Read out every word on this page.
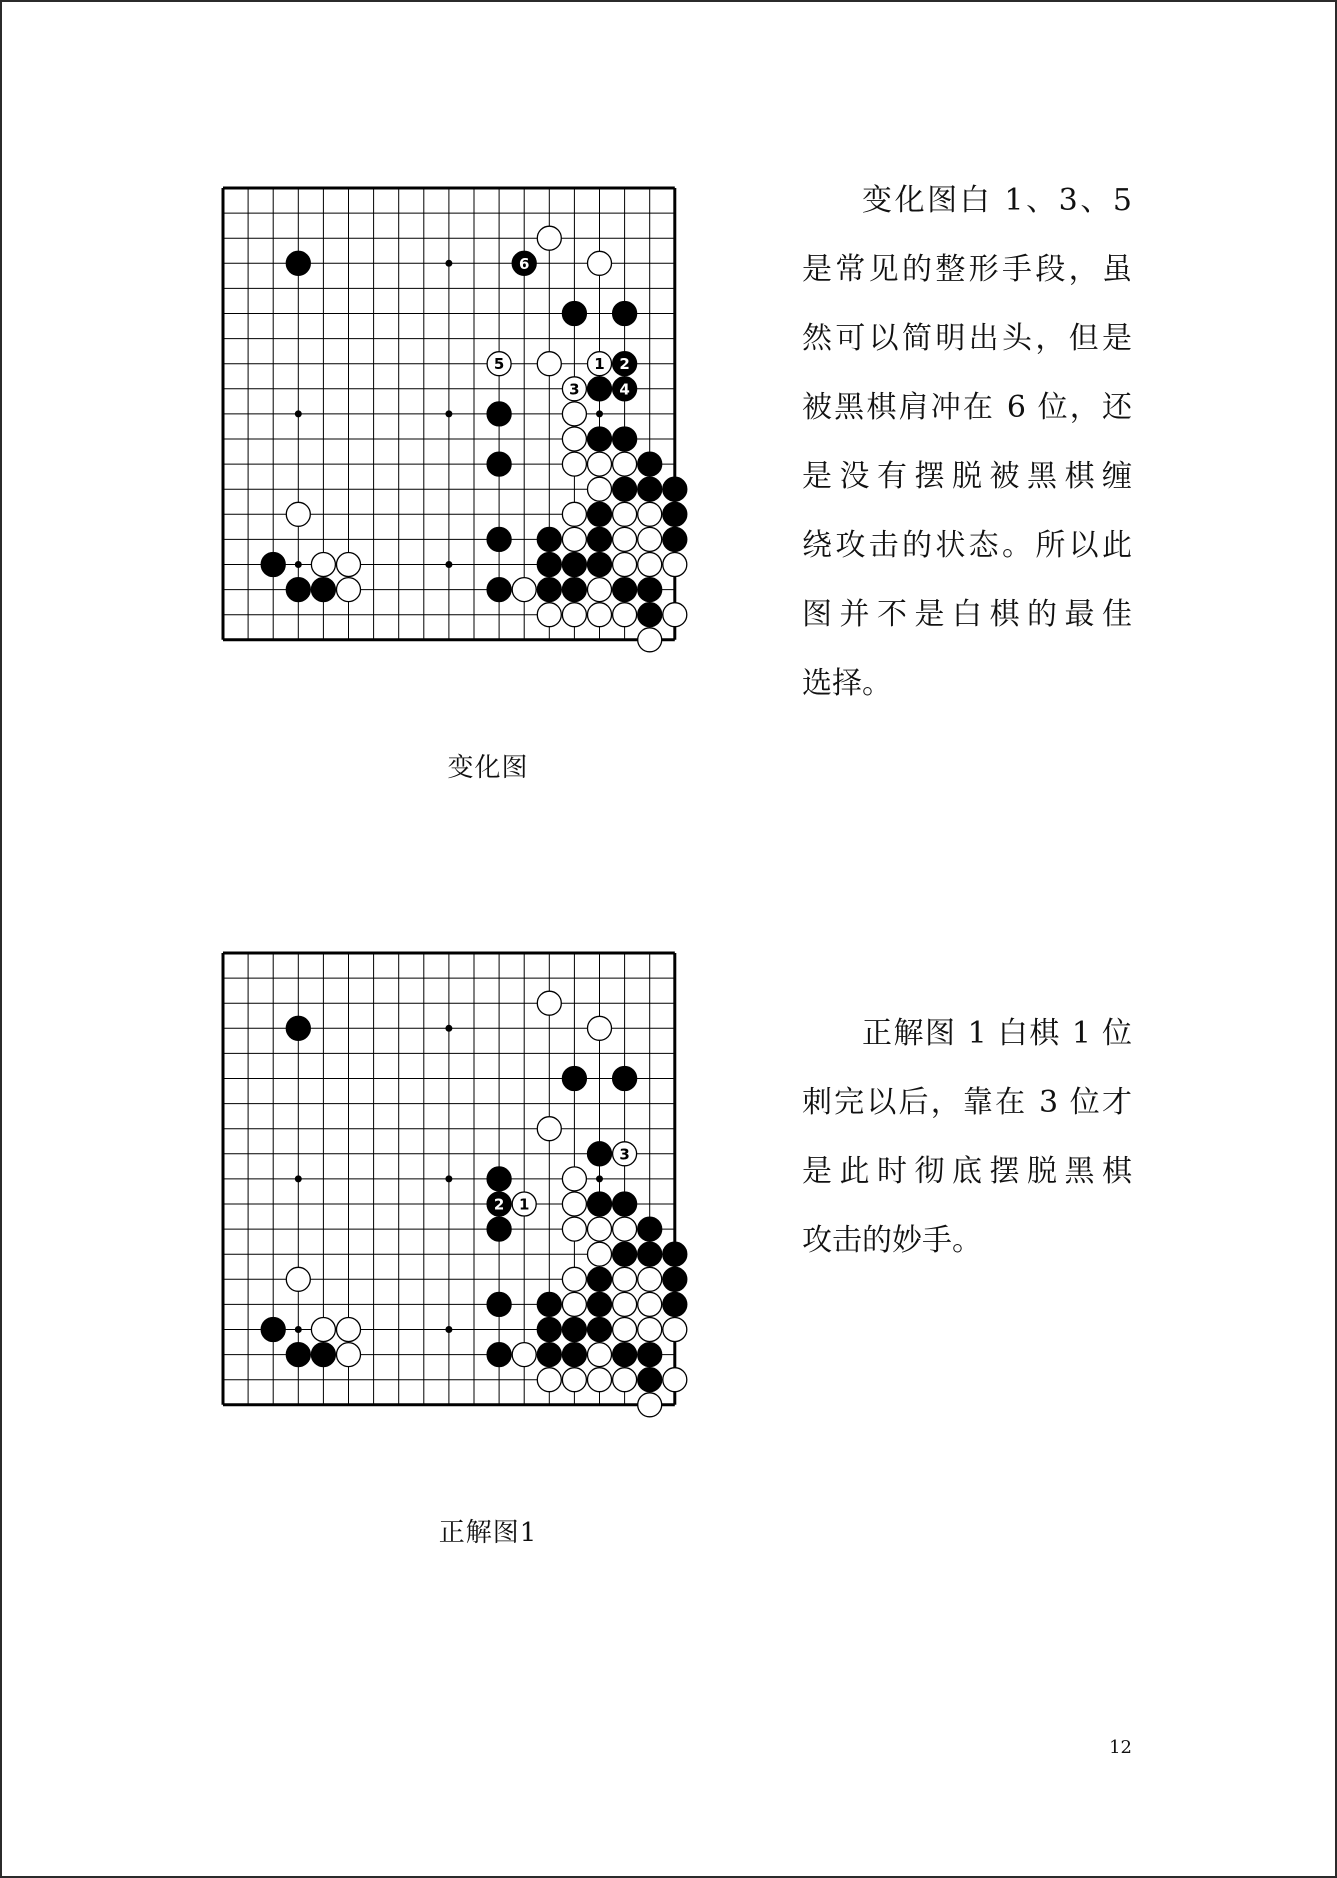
6
5	1 2
3	4
变化图
变化图白 1、3、5
是常见的整形手段，虽
然可以简明出头，但是
被黑棋肩冲在 6 位，还
是没有摆脱被黑棋缠
绕攻击的状态。所以此
图并不是白棋的最佳
选择。
3
2 1
正解图1
正解图 1 白棋 1 位
刺完以后，靠在 3 位才
是此时彻底摆脱黑棋
攻击的妙手。
12
